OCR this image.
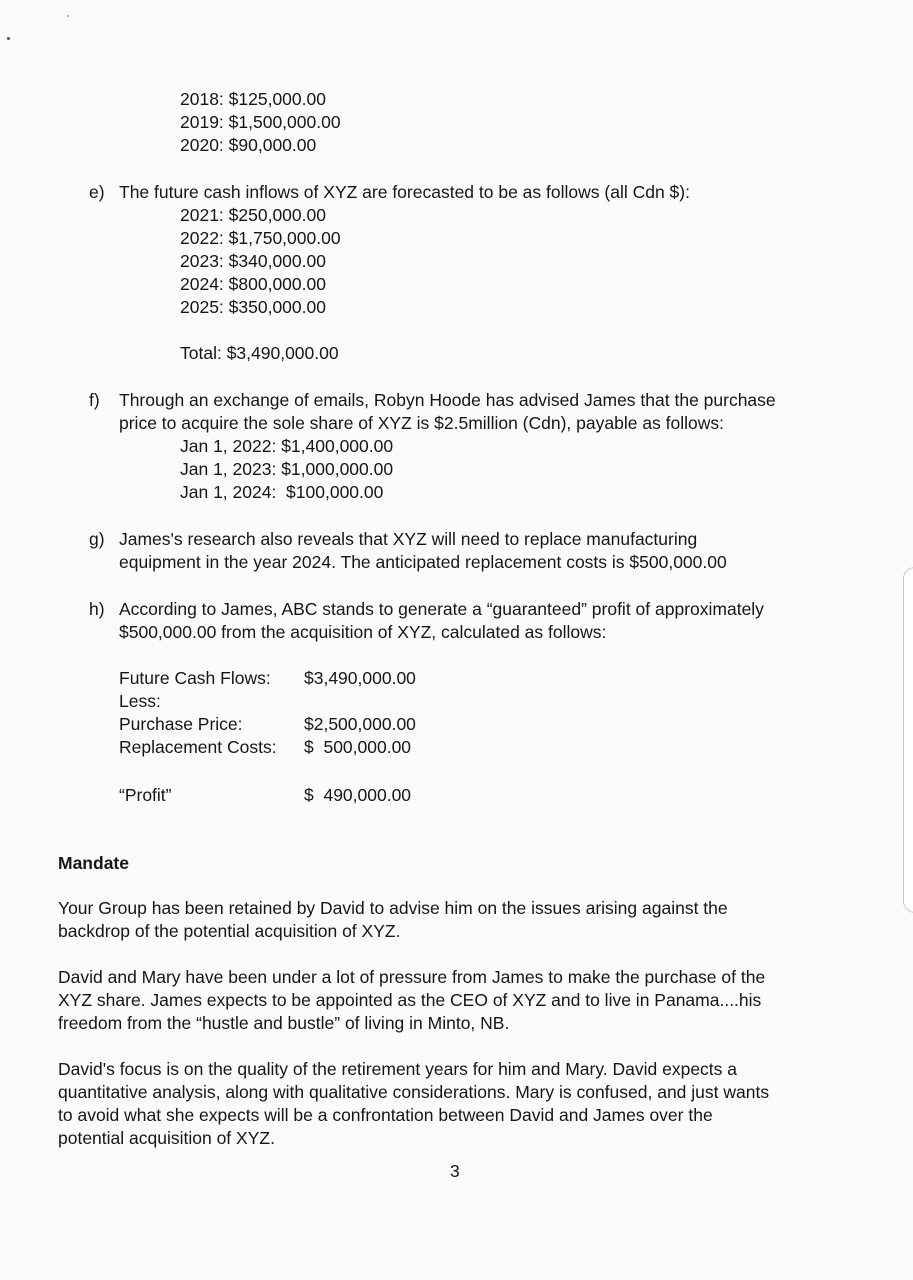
2018: $125,000.00
2019: $1,500,000.00
2020: $90,000.00
e) The future cash inflows of XYZ are forecasted to be as follows (all Cdn $):
2021: $250,000.00
2022: $1,750,000.00
2023: $340,000.00
2024: $800,000.00
2025: $350,000.00
Total: $3,490,000.00
f) Through an exchange of emails, Robyn Hoode has advised James that the purchase
price to acquire the sole share of XYZ is $2.5million (Cdn), payable as follows:
Jan 1, 2022: $1,400,000.00
Jan 1, 2023: $1,000,000.00
Jan 1, 2024:  $100,000.00
g) James's research also reveals that XYZ will need to replace manufacturing
equipment in the year 2024. The anticipated replacement costs is $500,000.00
h) According to James, ABC stands to generate a “guaranteed” profit of approximately
$500,000.00 from the acquisition of XYZ, calculated as follows:
Future Cash Flows: $3,490,000.00
Less:
Purchase Price:	$2,500,000.00
Replacement Costs: $  500,000.00
“Profit”	$  490,000.00
Mandate
Your Group has been retained by David to advise him on the issues arising against the
backdrop of the potential acquisition of XYZ.
David and Mary have been under a lot of pressure from James to make the purchase of the
XYZ share. James expects to be appointed as the CEO of XYZ and to live in Panama....his
freedom from the “hustle and bustle” of living in Minto, NB.
David's focus is on the quality of the retirement years for him and Mary. David expects a
quantitative analysis, along with qualitative considerations. Mary is confused, and just wants
to avoid what she expects will be a confrontation between David and James over the
potential acquisition of XYZ.
3
